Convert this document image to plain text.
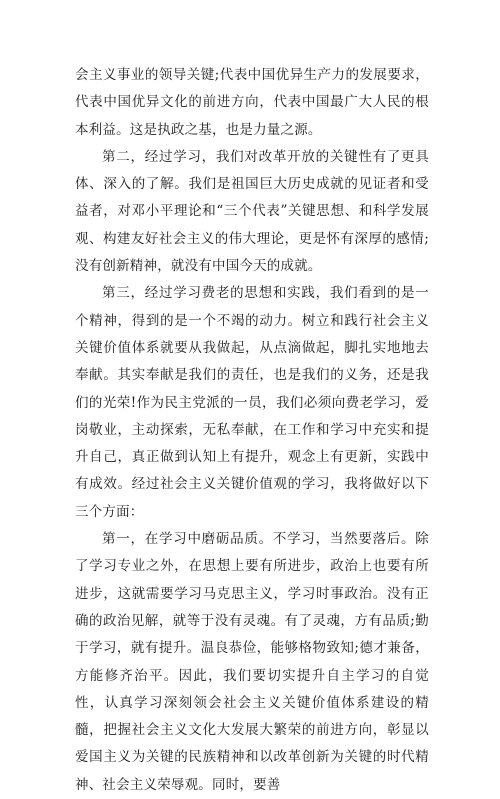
会主义事业的领导关键;代表中国优异生产力的发展要求，代表中国优异文化的前进方向，代表中国最广大人民的根本利益。这是执政之基，也是力量之源。

第二，经过学习，我们对改革开放的关键性有了更具体、深入的了解。我们是祖国巨大历史成就的见证者和受益者，对邓小平理论和“三个代表”关键思想、和科学发展观、构建友好社会主义的伟大理论，更是怀有深厚的感情;没有创新精神，就没有中国今天的成就。

第三，经过学习费老的思想和实践，我们看到的是一个精神，得到的是一个不竭的动力。树立和践行社会主义关键价值体系就要从我做起，从点滴做起，脚扎实地地去奉献。其实奉献是我们的责任，也是我们的义务，还是我们的光荣!作为民主党派的一员，我们必须向费老学习，爱岗敬业，主动探索，无私奉献，在工作和学习中充实和提升自己，真正做到认知上有提升，观念上有更新，实践中有成效。经过社会主义关键价值观的学习，我将做好以下三个方面：

第一，在学习中磨砺品质。不学习，当然要落后。除了学习专业之外，在思想上要有所进步，政治上也要有所进步，这就需要学习马克思主义，学习时事政治。没有正确的政治见解，就等于没有灵魂。有了灵魂，方有品质;勤于学习，就有提升。温良恭俭，能够格物致知;德才兼备，方能修齐治平。因此，我们要切实提升自主学习的自觉性，认真学习深刻领会社会主义关键价值体系建设的精髓，把握社会主义文化大发展大繁荣的前进方向，彰显以爱国主义为关键的民族精神和以改革创新为关键的时代精神、社会主义荣辱观。同时，要善
